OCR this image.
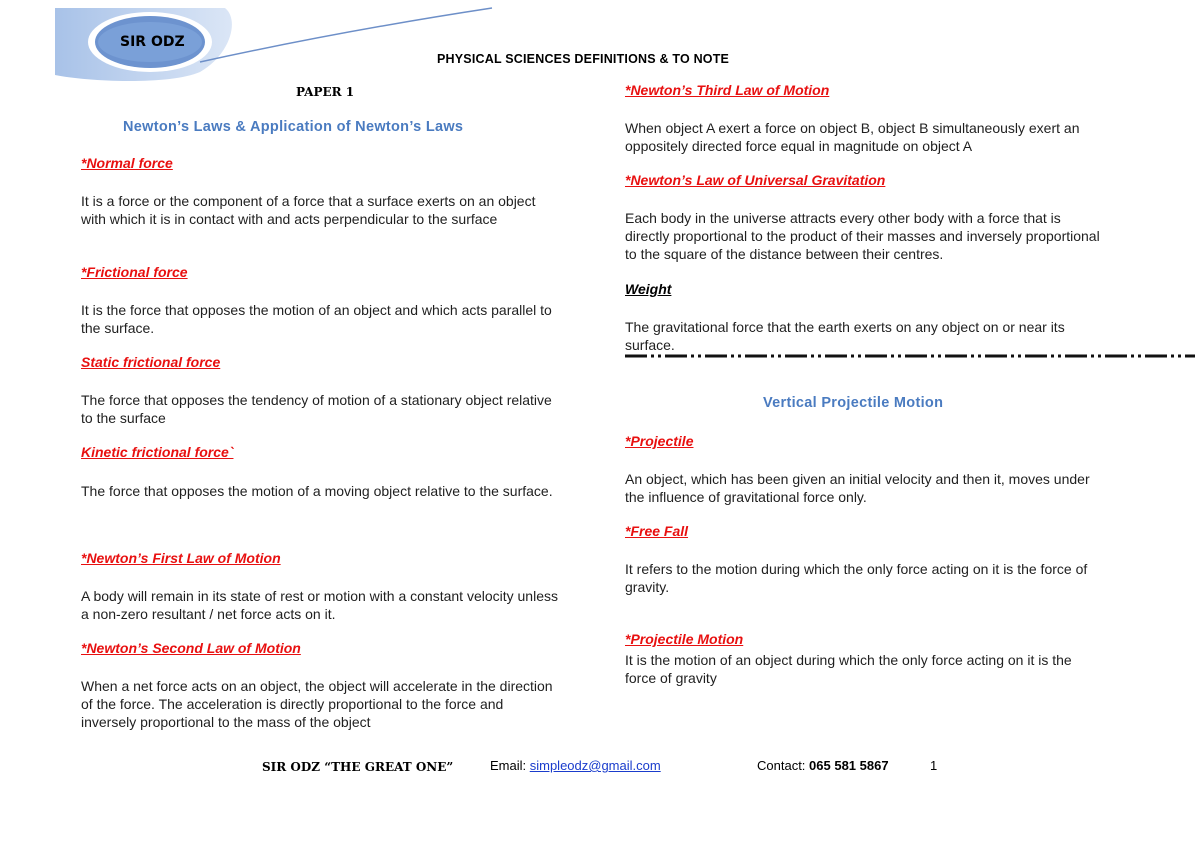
SIR ODZ
PHYSICAL SCIENCES DEFINITIONS & TO NOTE
PAPER 1
Newton’s Laws & Application of Newton’s Laws
*Normal force
It is a force or the component of a force that a surface exerts on an object with which it is in contact with and acts perpendicular to the surface
*Frictional force
It is the force that opposes the motion of an object and which acts parallel to the surface.
Static frictional force
The force that opposes the tendency of motion of a stationary object relative to the surface
Kinetic frictional force`
The force that opposes the motion of a moving object relative to the surface.
*Newton’s First Law of Motion
A body will remain in its state of rest or motion with a constant velocity unless a non-zero resultant / net force acts on it.
*Newton’s Second Law of Motion
When a net force acts on an object, the object will accelerate in the direction of the force. The acceleration is directly proportional to the force and inversely proportional to the mass of the object
*Newton’s Third Law of Motion
When object A exert a force on object B, object B simultaneously exert an oppositely directed force equal in magnitude on object A
*Newton’s Law of Universal Gravitation
Each body in the universe attracts every other body with a force that is directly proportional to the product of their masses and inversely proportional to the square of the distance between their centres.
Weight
The gravitational force that the earth exerts on any object on or near its surface.
Vertical Projectile Motion
*Projectile
An object, which has been given an initial velocity and then it, moves under the influence of gravitational force only.
*Free Fall
It refers to the motion during which the only force acting on it is the force of gravity.
*Projectile Motion
It is the motion of an object during which the only force acting on it is the force of gravity
SIR ODZ “THE GREAT ONE”	Email: simpleodz@gmail.com	Contact: 065 581 5867	1
